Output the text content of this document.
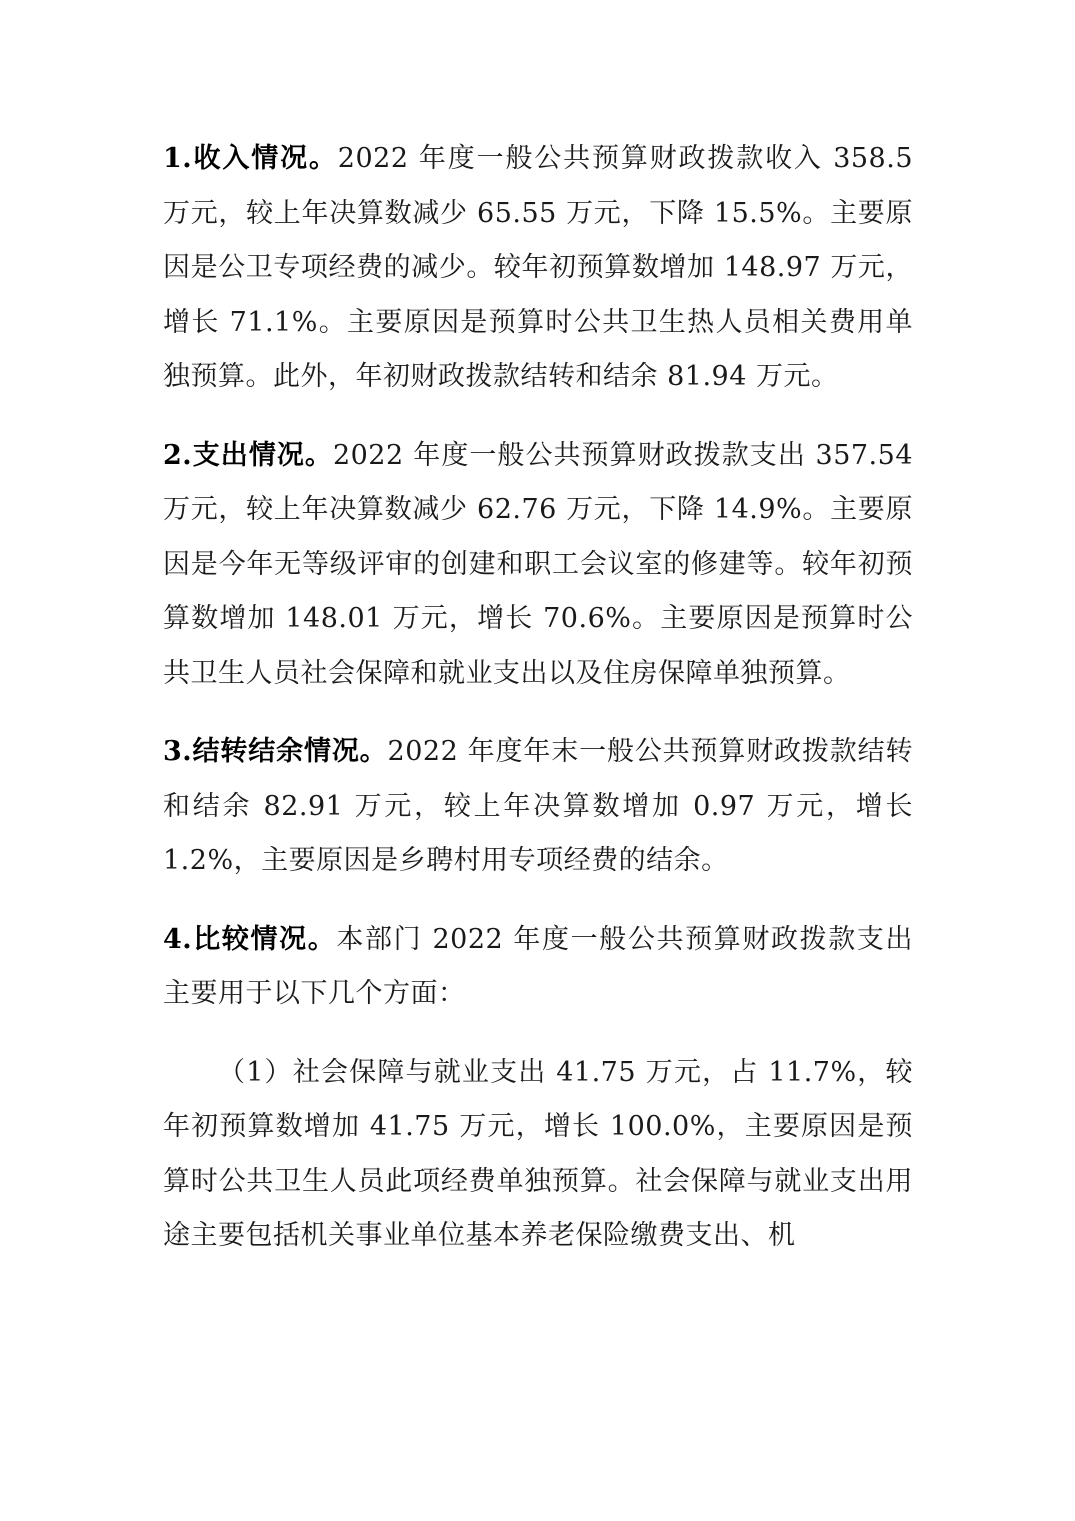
1.收入情况。2022 年度一般公共预算财政拨款收入 358.5 万元，较上年决算数减少 65.55 万元，下降 15.5%。主要原因是公卫专项经费的减少。较年初预算数增加 148.97 万元，增长 71.1%。主要原因是预算时公共卫生热人员相关费用单独预算。此外，年初财政拨款结转和结余 81.94 万元。

2.支出情况。2022 年度一般公共预算财政拨款支出 357.54 万元，较上年决算数减少 62.76 万元，下降 14.9%。主要原因是今年无等级评审的创建和职工会议室的修建等。较年初预算数增加 148.01 万元，增长 70.6%。主要原因是预算时公共卫生人员社会保障和就业支出以及住房保障单独预算。

3.结转结余情况。2022 年度年末一般公共预算财政拨款结转和结余 82.91 万元，较上年决算数增加 0.97 万元，增长 1.2%，主要原因是乡聘村用专项经费的结余。

4.比较情况。本部门 2022 年度一般公共预算财政拨款支出主要用于以下几个方面：

（1）社会保障与就业支出 41.75 万元，占 11.7%，较年初预算数增加 41.75 万元，增长 100.0%，主要原因是预算时公共卫生人员此项经费单独预算。社会保障与就业支出用途主要包括机关事业单位基本养老保险缴费支出、机
